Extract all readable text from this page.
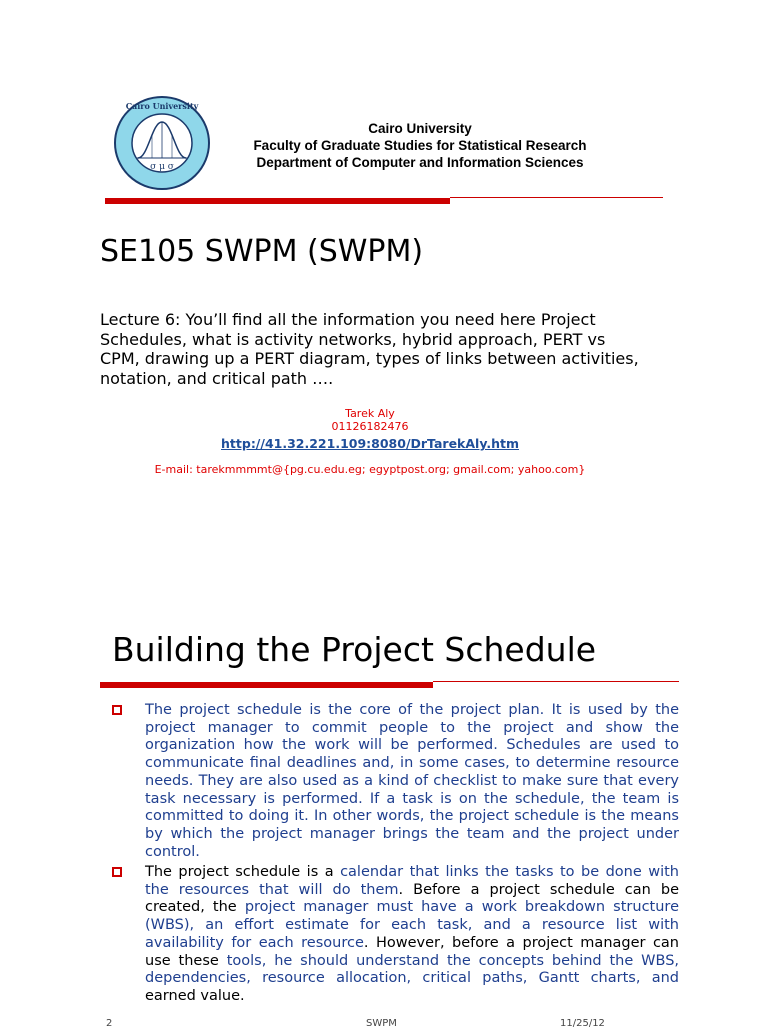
σ μ σ
Cairo University
Cairo University
Faculty of Graduate Studies for Statistical Research
Department of Computer and Information Sciences
SE105 SWPM (SWPM)
Lecture 6: You’ll find all the information you need here Project Schedules, what is activity networks, hybrid approach, PERT vs CPM, drawing up a PERT diagram, types of links between activities, notation, and critical path ….
Tarek Aly
01126182476
http://41.32.221.109:8080/DrTarekAly.htm
E-mail: tarekmmmmt@{pg.cu.edu.eg; egyptpost.org; gmail.com; yahoo.com}
Building the Project Schedule
The project schedule is the core of the project plan. It is used by the project manager to commit people to the project and show the organization how the work will be performed. Schedules are used to communicate final deadlines and, in some cases, to determine resource needs. They are also used as a kind of checklist to make sure that every task necessary is performed. If a task is on the schedule, the team is committed to doing it. In other words, the project schedule is the means by which the project manager brings the team and the project under control.
The project schedule is a calendar that links the tasks to be done with the resources that will do them. Before a project schedule can be created, the project manager must have a work breakdown structure (WBS), an effort estimate for each task, and a resource list with availability for each resource. However, before a project manager can use these tools, he should understand the concepts behind the WBS, dependencies, resource allocation, critical paths, Gantt charts, and earned value.
2	SWPM	11/25/12
